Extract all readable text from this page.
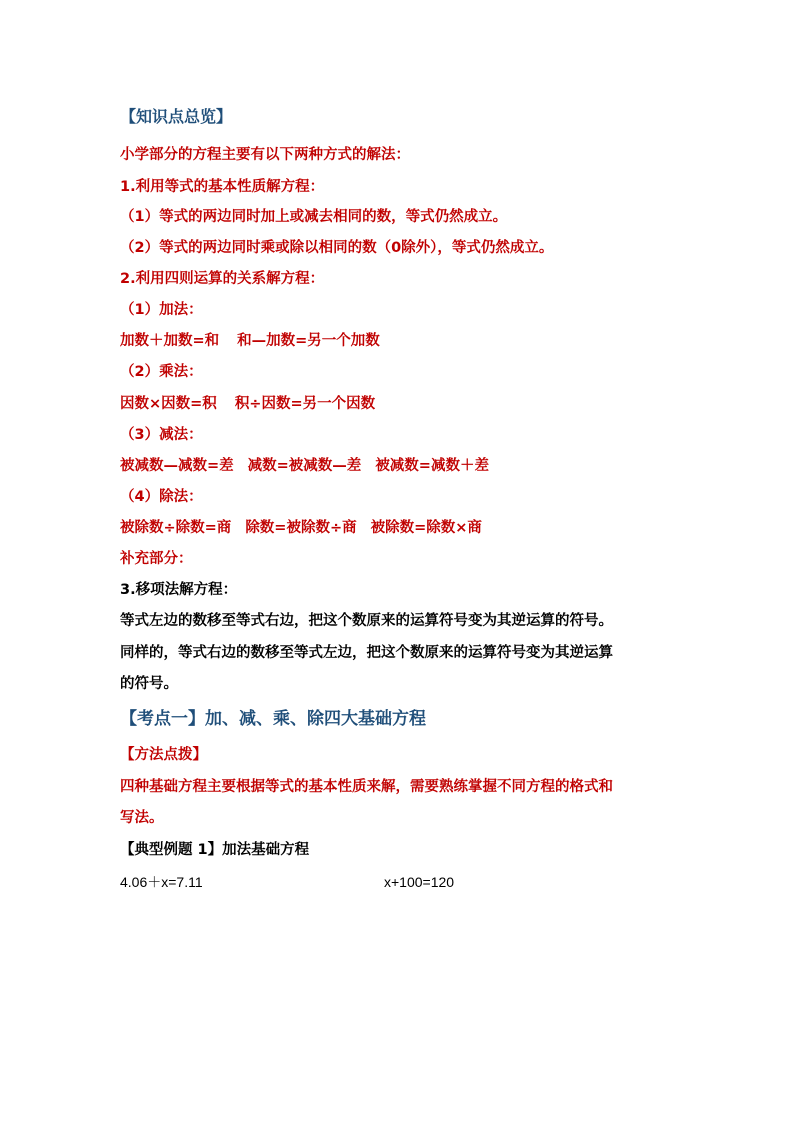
【知识点总览】
小学部分的方程主要有以下两种方式的解法：
1.利用等式的基本性质解方程：
（1）等式的两边同时加上或减去相同的数，等式仍然成立。
（2）等式的两边同时乘或除以相同的数（0除外），等式仍然成立。
2.利用四则运算的关系解方程：
（1）加法：
加数＋加数=和 和—加数=另一个加数
（2）乘法：
因数×因数=积 积÷因数=另一个因数
（3）减法：
被减数—减数=差 减数=被减数—差 被减数=减数＋差
（4）除法：
被除数÷除数=商 除数=被除数÷商 被除数=除数×商
补充部分：
3.移项法解方程：
等式左边的数移至等式右边，把这个数原来的运算符号变为其逆运算的符号。
同样的，等式右边的数移至等式左边，把这个数原来的运算符号变为其逆运算
的符号。
【考点一】加、减、乘、除四大基础方程
【方法点拨】
四种基础方程主要根据等式的基本性质来解，需要熟练掌握不同方程的格式和
写法。
【典型例题 1】加法基础方程
4.06＋x=7.11	x+100=120
